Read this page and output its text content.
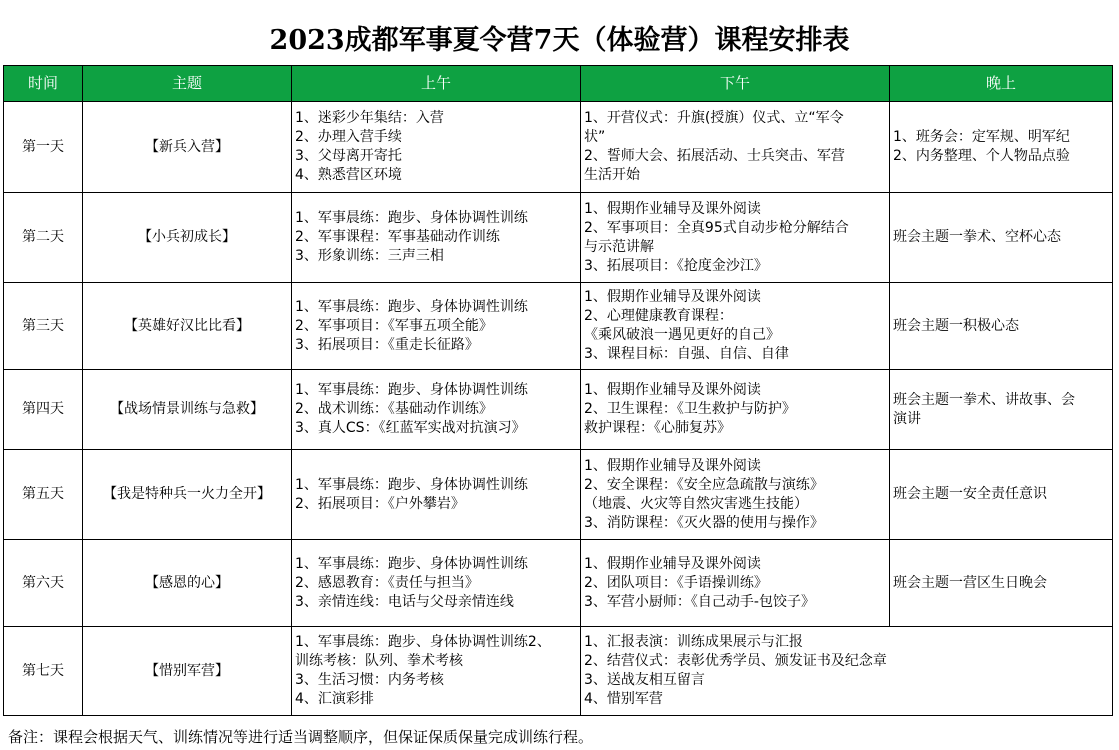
2023成都军事夏令营7天（体验营）课程安排表
时间	主题	上午	下午	晚上
第一天	【新兵入营】	1、迷彩少年集结：入营
2、办理入营手续
3、父母离开寄托
4、熟悉营区环境	1、开营仪式：升旗(授旗）仪式、立“军令
状”
2、誓师大会、拓展活动、士兵突击、军营
生活开始	1、班务会：定军规、明军纪
2、内务整理、个人物品点验

第二天	【小兵初成长】	1、军事晨练：跑步、身体协调性训练
2、军事课程：军事基础动作训练
3、形象训练：三声三相	1、假期作业辅导及课外阅读
2、军事项目：全真95式自动步枪分解结合
与示范讲解
3、拓展项目：《抢度金沙江》	班会主题一拳术、空杯心态

第三天	【英雄好汉比比看】	1、军事晨练：跑步、身体协调性训练
2、军事项目：《军事五项全能》
3、拓展项目：《重走长征路》	1、假期作业辅导及课外阅读
2、心理健康教育课程：
《乘风破浪一遇见更好的自己》
3、课程目标：自强、自信、自律	班会主题一积极心态

第四天	【战场情景训练与急救】	1、军事晨练：跑步、身体协调性训练
2、战术训练：《基础动作训练》
3、真人CS：《红蓝军实战对抗演习》	1、假期作业辅导及课外阅读
2、卫生课程：《卫生救护与防护》
救护课程：《心肺复苏》	班会主题一拳术、讲故事、会
演讲

第五天	【我是特种兵一火力全开】	1、军事晨练：跑步、身体协调性训练
2、拓展项目：《户外攀岩》	1、假期作业辅导及课外阅读
2、安全课程：《安全应急疏散与演练》
（地震、火灾等自然灾害逃生技能）
3、消防课程：《灭火器的使用与操作》	班会主题一安全责任意识

第六天	【感恩的心】	1、军事晨练：跑步、身体协调性训练
2、感恩教育：《责任与担当》
3、亲情连线：电话与父母亲情连线	1、假期作业辅导及课外阅读
2、团队项目：《手语操训练》
3、军营小厨师：《自己动手-包饺子》	班会主题一营区生日晚会

第七天	【惜别军营】	1、军事晨练：跑步、身体协调性训练2、
训练考核：队列、拳术考核
3、生活习惯：内务考核
4、汇演彩排	1、汇报表演：训练成果展示与汇报
2、结营仪式：表彰优秀学员、颁发证书及纪念章
3、送战友相互留言
4、惜别军营	
备注：课程会根据天气、训练情况等进行适当调整顺序，但保证保质保量完成训练行程。
